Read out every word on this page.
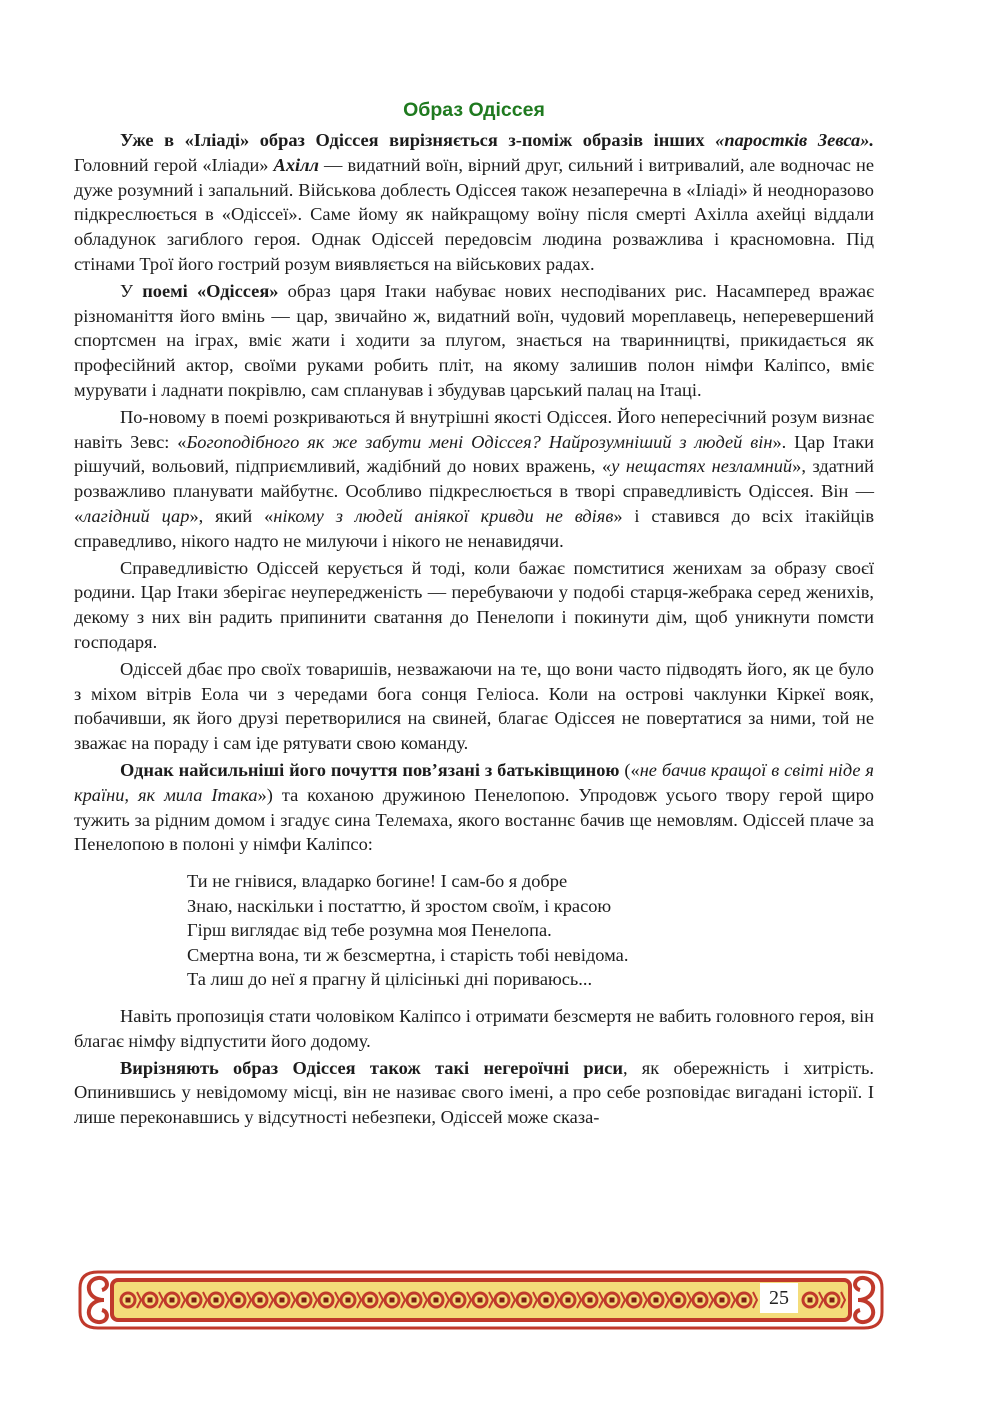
Образ Одіссея

Уже в «Іліаді» образ Одіссея вирізняється з-поміж образів інших «паростків Зевса». Головний герой «Іліади» Ахілл — видатний воїн, вірний друг, сильний і витривалий, але водночас не дуже розумний і запальний. Військова доблесть Одіссея також незаперечна в «Іліаді» й неодноразово підкреслюється в «Одіссеї». Саме йому як найкращому воїну після смерті Ахілла ахейці віддали обладунок загиблого героя. Однак Одіссей передовсім людина розважлива і красномовна. Під стінами Трої його гострий розум виявляється на військових радах.

У поемі «Одіссея» образ царя Ітаки набуває нових несподіваних рис. Насамперед вражає різноманіття його вмінь — цар, звичайно ж, видатний воїн, чудовий мореплавець, неперевершений спортсмен на іграх, вміє жати і ходити за плугом, знається на тваринництві, прикидається як професійний актор, своїми руками робить пліт, на якому залишив полон німфи Каліпсо, вміє мурувати і ладнати покрівлю, сам спланував і збудував царський палац на Ітаці.

По-новому в поемі розкриваються й внутрішні якості Одіссея. Його непересічний розум визнає навіть Зевс: «Богоподібного як же забути мені Одіссея? Найрозумніший з людей він». Цар Ітаки рішучий, вольовий, підприємливий, жадібний до нових вражень, «у нещастях незламний», здатний розважливо планувати майбутнє. Особливо підкреслюється в творі справедливість Одіссея. Він — «лагідний цар», який «нікому з людей аніякої кривди не вдіяв» і ставився до всіх ітакійців справедливо, нікого надто не милуючи і нікого не ненавидячи.

Справедливістю Одіссей керується й тоді, коли бажає помститися женихам за образу своєї родини. Цар Ітаки зберігає неупередженість — перебуваючи у подобі старця-жебрака серед женихів, декому з них він радить припинити сватання до Пенелопи і покинути дім, щоб уникнути помсти господаря.

Одіссей дбає про своїх товаришів, незважаючи на те, що вони часто підводять його, як це було з міхом вітрів Еола чи з чередами бога сонця Геліоса. Коли на острові чаклунки Кіркеї вояк, побачивши, як його друзі перетворилися на свиней, благає Одіссея не повертатися за ними, той не зважає на пораду і сам іде рятувати свою команду.

Однак найсильніші його почуття пов’язані з батьківщиною («не бачив кращої в світі ніде я країни, як мила Ітака») та коханою дружиною Пенелопою. Упродовж усього твору герой щиро тужить за рідним домом і згадує сина Телемаха, якого востаннє бачив ще немовлям. Одіссей плаче за Пенелопою в полоні у німфи Каліпсо:

Ти не гнівися, владарко богине! І сам-бо я добре
Знаю, наскільки і постаттю, й зростом своїм, і красою
Гірш виглядає від тебе розумна моя Пенелопа.
Смертна вона, ти ж безсмертна, і старість тобі невідома.
Та лиш до неї я прагну й цілісінькі дні пориваюсь...

Навіть пропозиція стати чоловіком Каліпсо і отримати безсмертя не вабить головного героя, він благає німфу відпустити його додому.

Вирізняють образ Одіссея також такі негероїчні риси, як обережність і хитрість. Опинившись у невідомому місці, він не називає свого імені, а про себе розповідає вигадані історії. І лише переконавшись у відсутності небезпеки, Одіссей може сказа-

25
